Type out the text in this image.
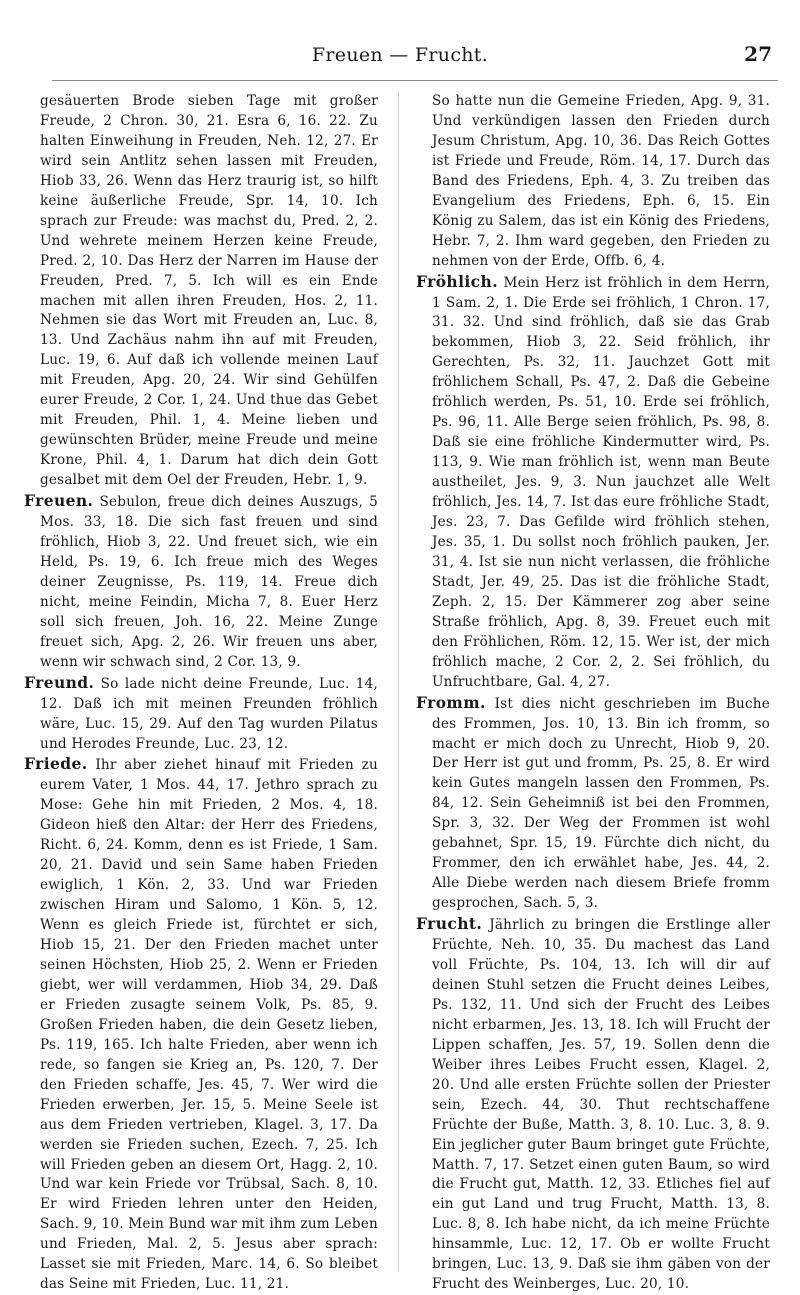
Freuen — Frucht.	27

gesäuerten Brode sieben Tage mit großer Freude, 2 Chron. 30, 21. Esra 6, 16. 22. Zu halten Einweihung in Freuden, Neh. 12, 27. Er wird sein Antlitz sehen lassen mit Freuden, Hiob 33, 26. Wenn das Herz traurig ist, so hilft keine äußerliche Freude, Spr. 14, 10. Ich sprach zur Freude: was machst du, Pred. 2, 2. Und wehrete meinem Herzen keine Freude, Pred. 2, 10. Das Herz der Narren im Hause der Freuden, Pred. 7, 5. Ich will es ein Ende machen mit allen ihren Freuden, Hos. 2, 11. Nehmen sie das Wort mit Freuden an, Luc. 8, 13. Und Zachäus nahm ihn auf mit Freuden, Luc. 19, 6. Auf daß ich vollende meinen Lauf mit Freuden, Apg. 20, 24. Wir sind Gehülfen eurer Freude, 2 Cor. 1, 24. Und thue das Gebet mit Freuden, Phil. 1, 4. Meine lieben und gewünschten Brüder, meine Freude und meine Krone, Phil. 4, 1. Darum hat dich dein Gott gesalbet mit dem Oel der Freuden, Hebr. 1, 9.

Freuen. Sebulon, freue dich deines Auszugs, 5 Mos. 33, 18. Die sich fast freuen und sind fröhlich, Hiob 3, 22. Und freuet sich, wie ein Held, Ps. 19, 6. Ich freue mich des Weges deiner Zeugnisse, Ps. 119, 14. Freue dich nicht, meine Feindin, Micha 7, 8. Euer Herz soll sich freuen, Joh. 16, 22. Meine Zunge freuet sich, Apg. 2, 26. Wir freuen uns aber, wenn wir schwach sind, 2 Cor. 13, 9.

Freund. So lade nicht deine Freunde, Luc. 14, 12. Daß ich mit meinen Freunden fröhlich wäre, Luc. 15, 29. Auf den Tag wurden Pilatus und Herodes Freunde, Luc. 23, 12.

Friede. Ihr aber ziehet hinauf mit Frieden zu eurem Vater, 1 Mos. 44, 17. Jethro sprach zu Mose: Gehe hin mit Frieden, 2 Mos. 4, 18. Gideon hieß den Altar: der Herr des Friedens, Richt. 6, 24. Komm, denn es ist Friede, 1 Sam. 20, 21. David und sein Same haben Frieden ewiglich, 1 Kön. 2, 33. Und war Frieden zwischen Hiram und Salomo, 1 Kön. 5, 12. Wenn es gleich Friede ist, fürchtet er sich, Hiob 15, 21. Der den Frieden machet unter seinen Höchsten, Hiob 25, 2. Wenn er Frieden giebt, wer will verdammen, Hiob 34, 29. Daß er Frieden zusagte seinem Volk, Ps. 85, 9. Großen Frieden haben, die dein Gesetz lieben, Ps. 119, 165. Ich halte Frieden, aber wenn ich rede, so fangen sie Krieg an, Ps. 120, 7. Der den Frieden schaffe, Jes. 45, 7. Wer wird die Frieden erwerben, Jer. 15, 5. Meine Seele ist aus dem Frieden vertrieben, Klagel. 3, 17. Da werden sie Frieden suchen, Ezech. 7, 25. Ich will Frieden geben an diesem Ort, Hagg. 2, 10. Und war kein Friede vor Trübsal, Sach. 8, 10. Er wird Frieden lehren unter den Heiden, Sach. 9, 10. Mein Bund war mit ihm zum Leben und Frieden, Mal. 2, 5. Jesus aber sprach: Lasset sie mit Frieden, Marc. 14, 6. So bleibet das Seine mit Frieden, Luc. 11, 21.

So hatte nun die Gemeine Frieden, Apg. 9, 31. Und verkündigen lassen den Frieden durch Jesum Christum, Apg. 10, 36. Das Reich Gottes ist Friede und Freude, Röm. 14, 17. Durch das Band des Friedens, Eph. 4, 3. Zu treiben das Evangelium des Friedens, Eph. 6, 15. Ein König zu Salem, das ist ein König des Friedens, Hebr. 7, 2. Ihm ward gegeben, den Frieden zu nehmen von der Erde, Offb. 6, 4.

Fröhlich. Mein Herz ist fröhlich in dem Herrn, 1 Sam. 2, 1. Die Erde sei fröhlich, 1 Chron. 17, 31. 32. Und sind fröhlich, daß sie das Grab bekommen, Hiob 3, 22. Seid fröhlich, ihr Gerechten, Ps. 32, 11. Jauchzet Gott mit fröhlichem Schall, Ps. 47, 2. Daß die Gebeine fröhlich werden, Ps. 51, 10. Erde sei fröhlich, Ps. 96, 11. Alle Berge seien fröhlich, Ps. 98, 8. Daß sie eine fröhliche Kindermutter wird, Ps. 113, 9. Wie man fröhlich ist, wenn man Beute austheilet, Jes. 9, 3. Nun jauchzet alle Welt fröhlich, Jes. 14, 7. Ist das eure fröhliche Stadt, Jes. 23, 7. Das Gefilde wird fröhlich stehen, Jes. 35, 1. Du sollst noch fröhlich pauken, Jer. 31, 4. Ist sie nun nicht verlassen, die fröhliche Stadt, Jer. 49, 25. Das ist die fröhliche Stadt, Zeph. 2, 15. Der Kämmerer zog aber seine Straße fröhlich, Apg. 8, 39. Freuet euch mit den Fröhlichen, Röm. 12, 15. Wer ist, der mich fröhlich mache, 2 Cor. 2, 2. Sei fröhlich, du Unfruchtbare, Gal. 4, 27.

Fromm. Ist dies nicht geschrieben im Buche des Frommen, Jos. 10, 13. Bin ich fromm, so macht er mich doch zu Unrecht, Hiob 9, 20. Der Herr ist gut und fromm, Ps. 25, 8. Er wird kein Gutes mangeln lassen den Frommen, Ps. 84, 12. Sein Geheimniß ist bei den Frommen, Spr. 3, 32. Der Weg der Frommen ist wohl gebahnet, Spr. 15, 19. Fürchte dich nicht, du Frommer, den ich erwählet habe, Jes. 44, 2. Alle Diebe werden nach diesem Briefe fromm gesprochen, Sach. 5, 3.

Frucht. Jährlich zu bringen die Erstlinge aller Früchte, Neh. 10, 35. Du machest das Land voll Früchte, Ps. 104, 13. Ich will dir auf deinen Stuhl setzen die Frucht deines Leibes, Ps. 132, 11. Und sich der Frucht des Leibes nicht erbarmen, Jes. 13, 18. Ich will Frucht der Lippen schaffen, Jes. 57, 19. Sollen denn die Weiber ihres Leibes Frucht essen, Klagel. 2, 20. Und alle ersten Früchte sollen der Priester sein, Ezech. 44, 30. Thut rechtschaffene Früchte der Buße, Matth. 3, 8. 10. Luc. 3, 8. 9. Ein jeglicher guter Baum bringet gute Früchte, Matth. 7, 17. Setzet einen guten Baum, so wird die Frucht gut, Matth. 12, 33. Etliches fiel auf ein gut Land und trug Frucht, Matth. 13, 8. Luc. 8, 8. Ich habe nicht, da ich meine Früchte hinsammle, Luc. 12, 17. Ob er wollte Frucht bringen, Luc. 13, 9. Daß sie ihm gäben von der Frucht des Weinberges, Luc. 20, 10.
